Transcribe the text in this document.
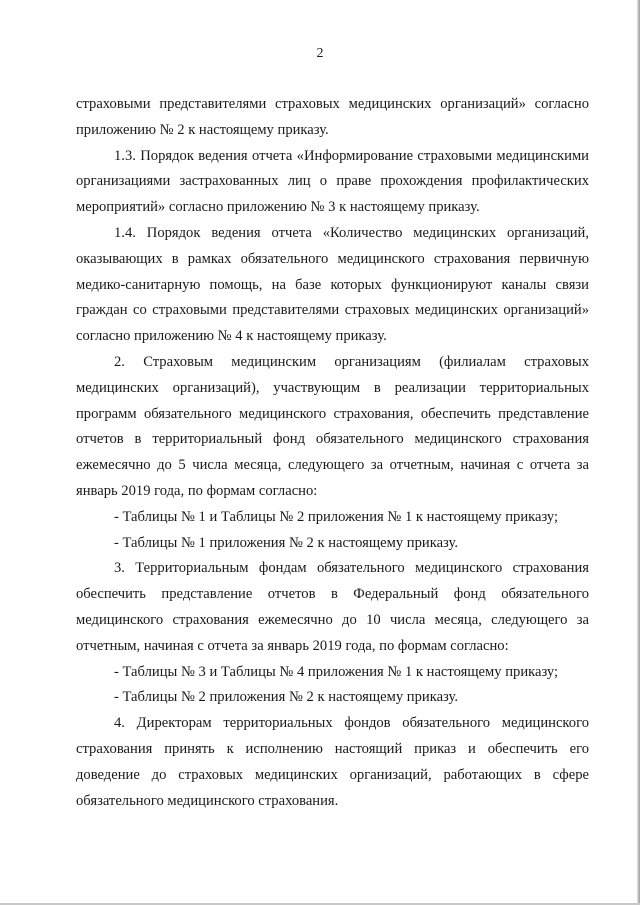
2

страховыми представителями страховых медицинских организаций» согласно приложению № 2 к настоящему приказу.

1.3. Порядок ведения отчета «Информирование страховыми медицинскими организациями застрахованных лиц о праве прохождения профилактических мероприятий» согласно приложению № 3 к настоящему приказу.

1.4. Порядок ведения отчета «Количество медицинских организаций, оказывающих в рамках обязательного медицинского страхования первичную медико-санитарную помощь, на базе которых функционируют каналы связи граждан со страховыми представителями страховых медицинских организаций» согласно приложению № 4 к настоящему приказу.

2. Страховым медицинским организациям (филиалам страховых медицинских организаций), участвующим в реализации территориальных программ обязательного медицинского страхования, обеспечить представление отчетов в территориальный фонд обязательного медицинского страхования ежемесячно до 5 числа месяца, следующего за отчетным, начиная с отчета за январь 2019 года, по формам согласно:

- Таблицы № 1 и Таблицы № 2 приложения № 1 к настоящему приказу;

- Таблицы № 1 приложения № 2 к настоящему приказу.

3. Территориальным фондам обязательного медицинского страхования обеспечить представление отчетов в Федеральный фонд обязательного медицинского страхования ежемесячно до 10 числа месяца, следующего за отчетным, начиная с отчета за январь 2019 года, по формам согласно:

- Таблицы № 3 и Таблицы № 4 приложения № 1 к настоящему приказу;

- Таблицы № 2 приложения № 2 к настоящему приказу.

4. Директорам территориальных фондов обязательного медицинского страхования принять к исполнению настоящий приказ и обеспечить его доведение до страховых медицинских организаций, работающих в сфере обязательного медицинского страхования.
